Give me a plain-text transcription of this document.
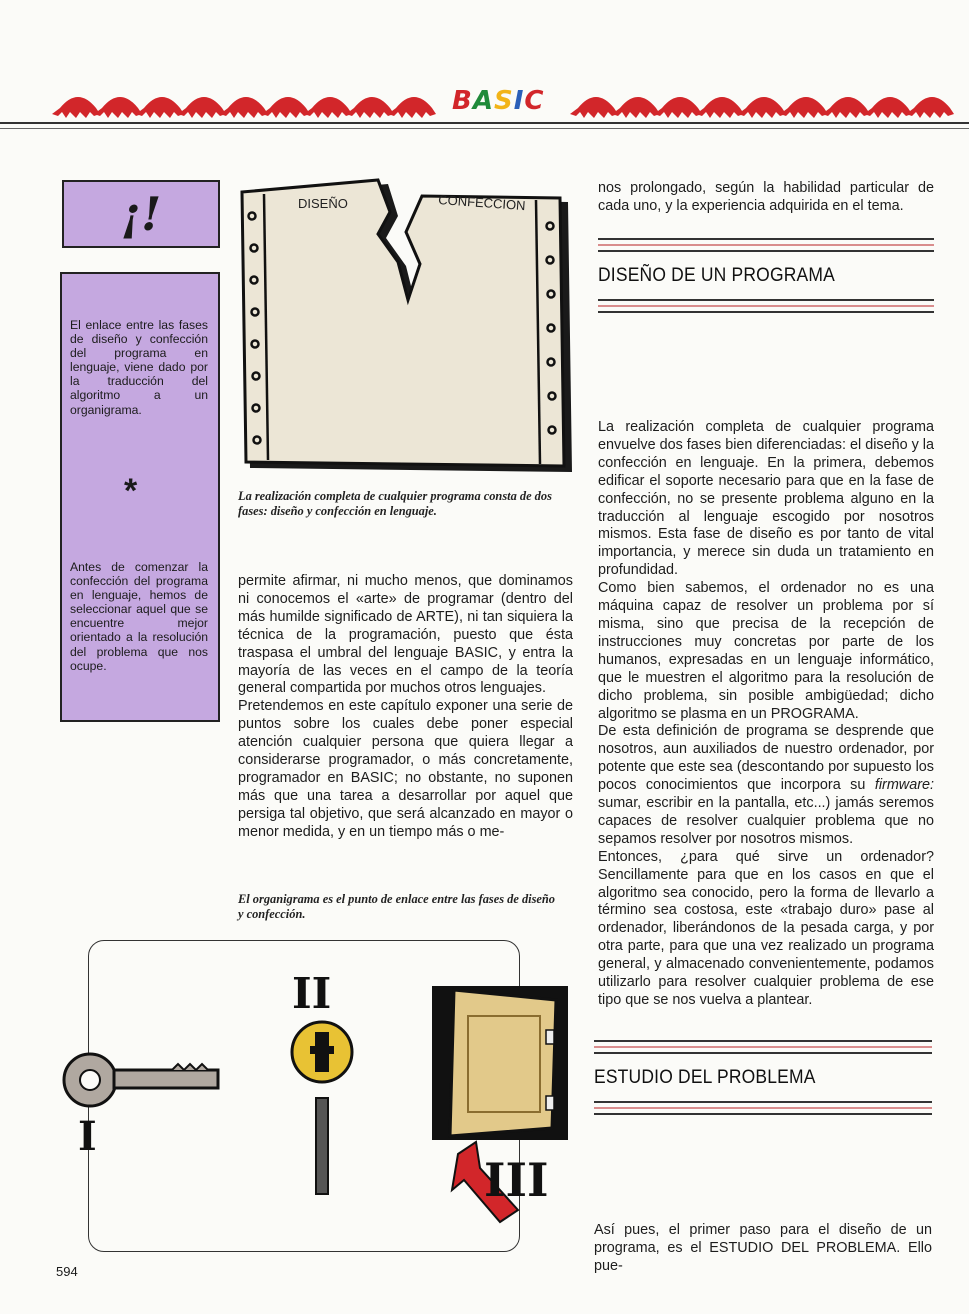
BASIC
¡!
El enlace entre las fases de diseño y confección del programa en lenguaje, viene dado por la traducción del algoritmo a un organigrama.
*
Antes de comenzar la confección del programa en lenguaje, hemos de seleccionar aquel que se encuentre mejor orientado a la resolución del problema que nos ocupe.
DISEÑO	CONFECCION
La realización completa de cualquier programa consta de dos fases: diseño y confección en lenguaje.

permite afirmar, ni mucho menos, que dominamos ni conocemos el «arte» de programar (dentro del más humilde significado de ARTE), ni tan siquiera la técnica de la programación, puesto que ésta traspasa el umbral del lenguaje BASIC, y entra la mayoría de las veces en el campo de la teoría general compartida por muchos otros lenguajes.

Pretendemos en este capítulo exponer una serie de puntos sobre los cuales debe poner especial atención cualquier persona que quiera llegar a considerarse programador, o más concretamente, programador en BASIC; no obstante, no suponen más que una tarea a desarrollar por aquel que persiga tal objetivo, que será alcanzado en mayor o menor medida, y en un tiempo más o me-

El organigrama es el punto de enlace entre las fases de diseño y confección.
I
II
III
nos prolongado, según la habilidad particular de cada uno, y la experiencia adquirida en el tema.
DISEÑO DE UN PROGRAMA

La realización completa de cualquier programa envuelve dos fases bien diferenciadas: el diseño y la confección en lenguaje. En la primera, debemos edificar el soporte necesario para que en la fase de confección, no se presente problema alguno en la traducción al lenguaje escogido por nosotros mismos. Esta fase de diseño es por tanto de vital importancia, y merece sin duda un tratamiento en profundidad.

Como bien sabemos, el ordenador no es una máquina capaz de resolver un problema por sí misma, sino que precisa de la recepción de instrucciones muy concretas por parte de los humanos, expresadas en un lenguaje informático, que le muestren el algoritmo para la resolución de dicho problema, sin posible ambigüedad; dicho algoritmo se plasma en un PROGRAMA.

De esta definición de programa se desprende que nosotros, aun auxiliados de nuestro ordenador, por potente que este sea (descontando por supuesto los pocos conocimientos que incorpora su firmware: sumar, escribir en la pantalla, etc...) jamás seremos capaces de resolver cualquier problema que no sepamos resolver por nosotros mismos.

Entonces, ¿para qué sirve un ordenador? Sencillamente para que en los casos en que el algoritmo sea conocido, pero la forma de llevarlo a término sea costosa, este «trabajo duro» pase al ordenador, liberándonos de la pesada carga, y por otra parte, para que una vez realizado un programa general, y almacenado convenientemente, podamos utilizarlo para resolver cualquier problema de ese tipo que se nos vuelva a plantear.

ESTUDIO DEL PROBLEMA
Así pues, el primer paso para el diseño de un programa, es el ESTUDIO DEL PROBLEMA. Ello pue-
594
